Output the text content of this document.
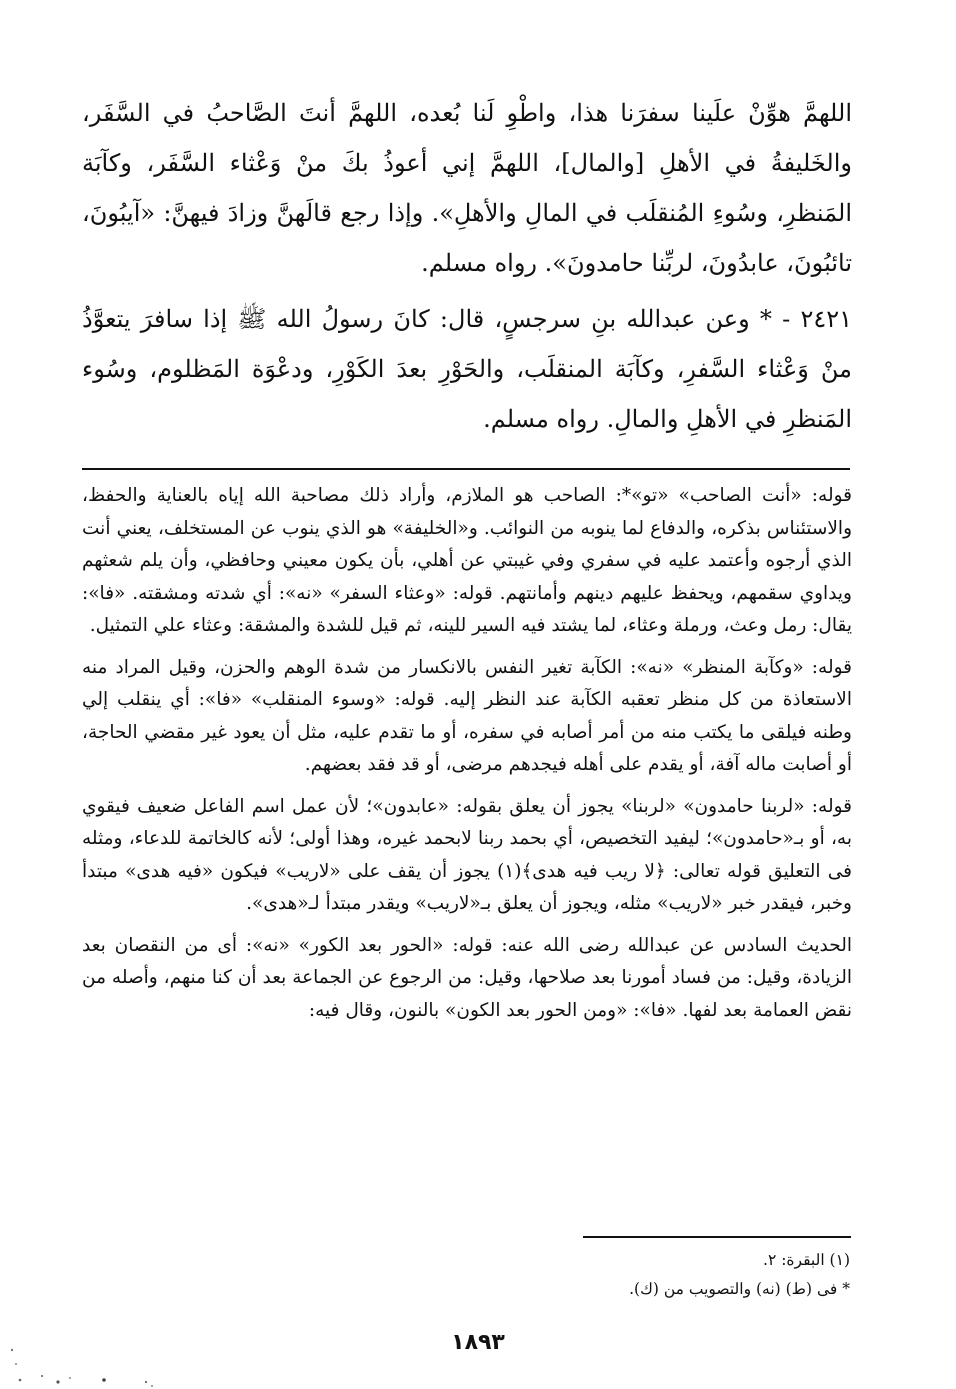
اللهمَّ هوِّنْ علَينا سفرَنا هذا، واطْوِ لَنا بُعده، اللهمَّ أنتَ الصَّاحبُ في السَّفَر، والخَليفةُ في الأهلِ [والمال]، اللهمَّ إني أعوذُ بكَ منْ وَعْثاء السَّفَر، وكآبَة المَنظرِ، وسُوءِ المُنقلَب في المالِ والأهلِ». وإذا رجع قالَهنَّ وزادَ فيهنَّ: «آيبُونَ، تائبُونَ، عابدُونَ، لربِّنا حامدونَ». رواه مسلم.

٢٤٢١ - * وعن عبدالله بنِ سرجسٍ، قال: كانَ رسولُ الله ﷺ إذا سافرَ يتعوَّذُ منْ وَعْثاء السَّفرِ، وكآبَة المنقلَب، والحَوْرِ بعدَ الكَوْرِ، ودعْوَة المَظلوم، وسُوء المَنظرِ في الأهلِ والمالِ. رواه مسلم.

قوله: «أنت الصاحب» «تو»*: الصاحب هو الملازم، وأراد ذلك مصاحبة الله إياه بالعناية والحفظ، والاستئناس بذكره، والدفاع لما ينوبه من النوائب. و«الخليفة» هو الذي ينوب عن المستخلف، يعني أنت الذي أرجوه وأعتمد عليه في سفري وفي غيبتي عن أهلي، بأن يكون معيني وحافظي، وأن يلم شعثهم ويداوي سقمهم، ويحفظ عليهم دينهم وأمانتهم. قوله: «وعثاء السفر» «نه»: أي شدته ومشقته. «فا»: يقال: رمل وعث، ورملة وعثاء، لما يشتد فيه السير للينه، ثم قيل للشدة والمشقة: وعثاء علي التمثيل.

قوله: «وكآبة المنظر» «نه»: الكآبة تغير النفس بالانكسار من شدة الوهم والحزن، وقيل المراد منه الاستعاذة من كل منظر تعقبه الكآبة عند النظر إليه. قوله: «وسوء المنقلب» «فا»: أي ينقلب إلي وطنه فيلقى ما يكتب منه من أمر أصابه في سفره، أو ما تقدم عليه، مثل أن يعود غير مقضي الحاجة، أو أصابت ماله آفة، أو يقدم على أهله فيجدهم مرضى، أو قد فقد بعضهم.

قوله: «لربنا حامدون» «لربنا» يجوز أن يعلق بقوله: «عابدون»؛ لأن عمل اسم الفاعل ضعيف فيقوي به، أو بـ«حامدون»؛ ليفيد التخصيص، أي بحمد ربنا لابحمد غيره، وهذا أولى؛ لأنه كالخاتمة للدعاء، ومثله فى التعليق قوله تعالى: ﴿لا ريب فيه هدى﴾(١) يجوز أن يقف على «لاريب» فيكون «فيه هدى» مبتدأ وخبر، فيقدر خبر «لاريب» مثله، ويجوز أن يعلق بـ«لاريب» ويقدر مبتدأ لـ«هدى».

الحديث السادس عن عبدالله رضى الله عنه: قوله: «الحور بعد الكور» «نه»: أى من النقصان بعد الزيادة، وقيل: من فساد أمورنا بعد صلاحها، وقيل: من الرجوع عن الجماعة بعد أن كنا منهم، وأصله من نقض العمامة بعد لفها. «فا»: «ومن الحور بعد الكون» بالنون، وقال فيه:

(١) البقرة: ٢.
* فى (ط) (نه) والتصويب من (ك).
١٨٩٣
